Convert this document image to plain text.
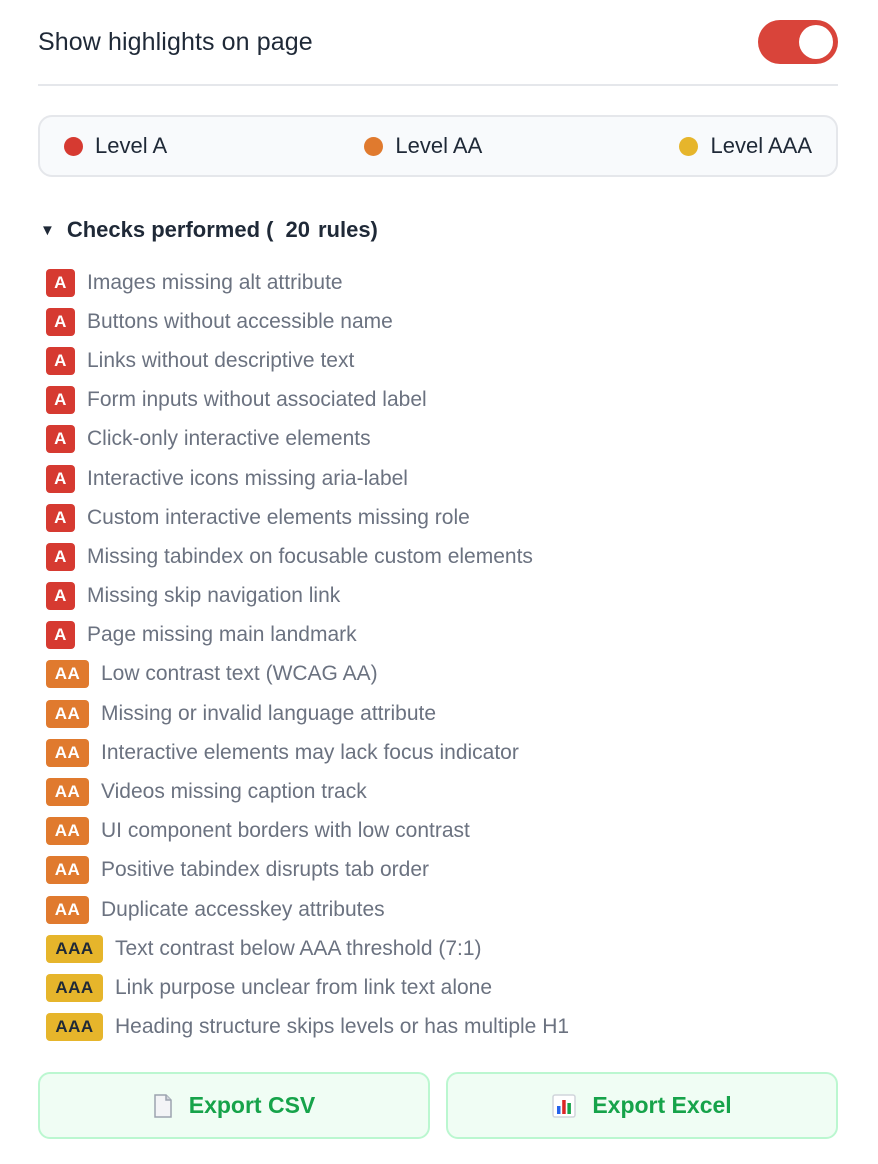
Show highlights on page
Level A	Level AA	Level AAA
▼ Checks performed ( 20 rules)
A Images missing alt attribute
A Buttons without accessible name
A Links without descriptive text
A Form inputs without associated label
A Click-only interactive elements
A Interactive icons missing aria-label
A Custom interactive elements missing role
A Missing tabindex on focusable custom elements
A Missing skip navigation link
A Page missing main landmark
AA Low contrast text (WCAG AA)
AA Missing or invalid language attribute
AA Interactive elements may lack focus indicator
AA Videos missing caption track
AA UI component borders with low contrast
AA Positive tabindex disrupts tab order
AA Duplicate accesskey attributes
AAA	Text contrast below AAA threshold (7:1)
AAA	Link purpose unclear from link text alone
AAA	Heading structure skips levels or has multiple H1
Export CSV	Export Excel
